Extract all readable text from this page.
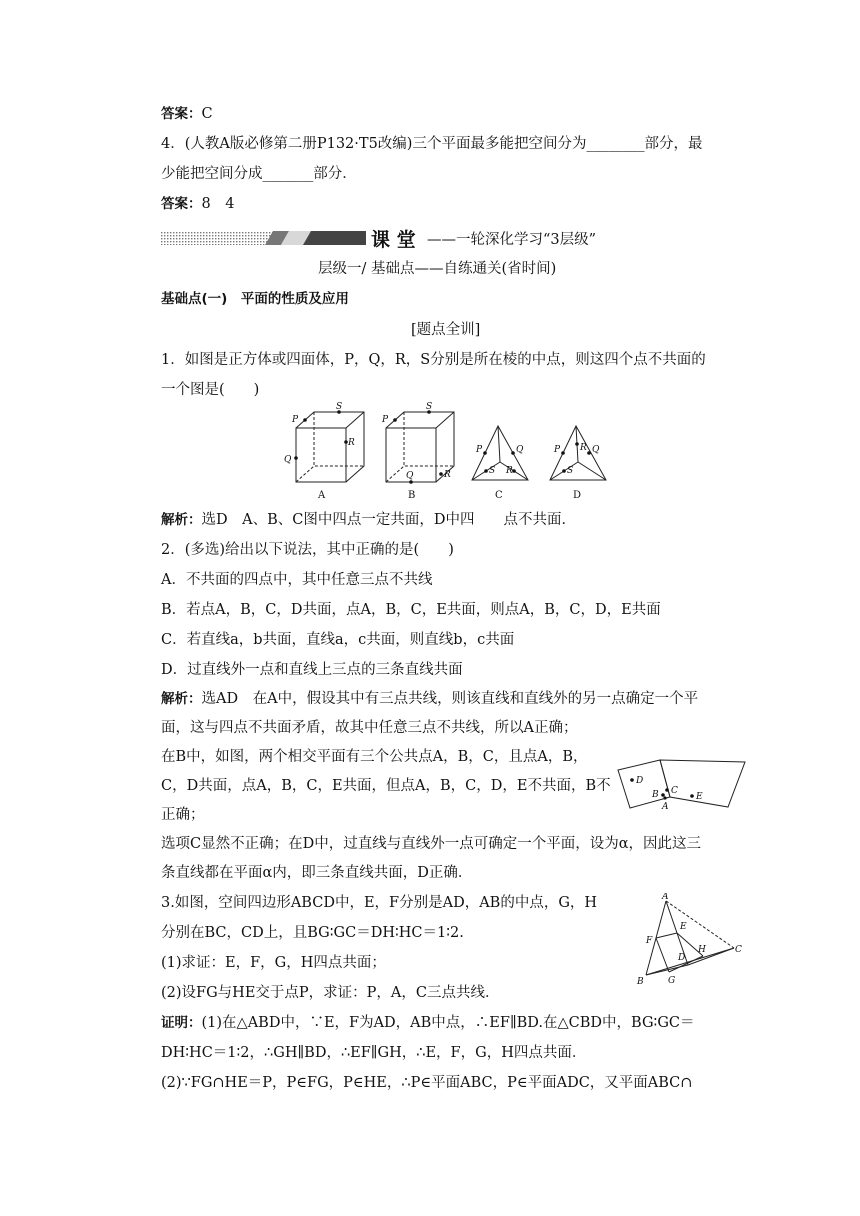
答案：C
4．(人教A版必修第二册P132·T5改编)三个平面最多能把空间分为________部分，最
少能把空间分成_______部分．
答案：8　4
课 堂 ——一轮深化学习“3层级”
层级一/ 基础点——自练通关(省时间)
基础点(一)　平面的性质及应用
[题点全训]
1．如图是正方体或四面体，P，Q，R，S分别是所在棱的中点，则这四个点不共面的
一个图是(　　)
P
S
R
Q
P
S
Q	R
P	Q
S R
P	Q
S
R
A	B	C	D
解析：选D　A、B、C图中四点一定共面，D中四　　点不共面．
2．(多选)给出以下说法，其中正确的是(　　)
A．不共面的四点中，其中任意三点不共线
B．若点A，B，C，D共面，点A，B，C，E共面，则点A，B，C，D，E共面
C．若直线a，b共面，直线a，c共面，则直线b，c共面
D．过直线外一点和直线上三点的三条直线共面
解析：选AD　在A中，假设其中有三点共线，则该直线和直线外的另一点确定一个平
面，这与四点不共面矛盾，故其中任意三点不共线，所以A正确；
在B中，如图，两个相交平面有三个公共点A，B，C，且点A，B，
C，D共面，点A，B，C，E共面，但点A，B，C，D，E不共面，B不
正确；
选项C显然不正确；在D中，过直线与直线外一点可确定一个平面，设为α，因此这三
条直线都在平面α内，即三条直线共面，D正确．
D
C
B
A
E
3.如图，空间四边形ABCD中，E，F分别是AD，AB的中点，G，H
分别在BC，CD上，且BG∶GC＝DH∶HC＝1∶2.
(1)求证：E，F，G，H四点共面；
(2)设FG与HE交于点P，求证：P，A，C三点共线．
证明：(1)在△ABD中，∵E，F为AD，AB中点，∴EF∥BD.在△CBD中，BG∶GC＝
DH∶HC＝1∶2，∴GH∥BD，∴EF∥GH，∴E，F，G，H四点共面．
(2)∵FG∩HE＝P，P∈FG，P∈HE，∴P∈平面ABC，P∈平面ADC，又平面ABC∩
A
E
F
H	C
D
B	G
